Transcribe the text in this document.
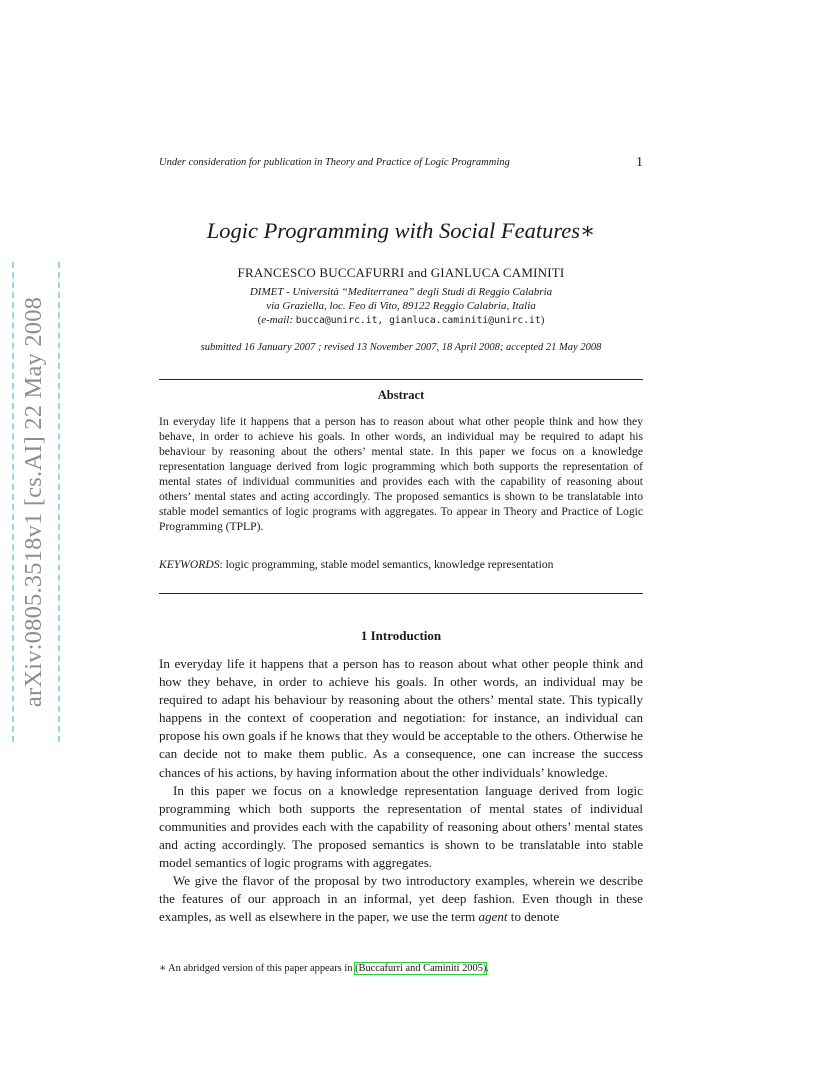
arXiv:0805.3518v1 [cs.AI] 22 May 2008
Under consideration for publication in Theory and Practice of Logic Programming	1
Logic Programming with Social Features∗
FRANCESCO BUCCAFURRI and GIANLUCA CAMINITI
DIMET - Università “Mediterranea” degli Studi di Reggio Calabria
via Graziella, loc. Feo di Vito, 89122 Reggio Calabria, Italia
(e-mail: bucca@unirc.it, gianluca.caminiti@unirc.it)
submitted 16 January 2007 ; revised 13 November 2007, 18 April 2008; accepted 21 May 2008
Abstract
In everyday life it happens that a person has to reason about what other people think and how they behave, in order to achieve his goals. In other words, an individual may be required to adapt his behaviour by reasoning about the others’ mental state. In this paper we focus on a knowledge representation language derived from logic programming which both supports the representation of mental states of individual communities and provides each with the capability of reasoning about others’ mental states and acting accordingly. The proposed semantics is shown to be translatable into stable model semantics of logic programs with aggregates. To appear in Theory and Practice of Logic Programming (TPLP).
KEYWORDS: logic programming, stable model semantics, knowledge representation
1 Introduction

In everyday life it happens that a person has to reason about what other people think and how they behave, in order to achieve his goals. In other words, an individual may be required to adapt his behaviour by reasoning about the others’ mental state. This typically happens in the context of cooperation and negotiation: for instance, an individual can propose his own goals if he knows that they would be acceptable to the others. Otherwise he can decide not to make them public. As a consequence, one can increase the success chances of his actions, by having information about the other individuals’ knowledge.

In this paper we focus on a knowledge representation language derived from logic programming which both supports the representation of mental states of individual communities and provides each with the capability of reasoning about others’ mental states and acting accordingly. The proposed semantics is shown to be translatable into stable model semantics of logic programs with aggregates.

We give the flavor of the proposal by two introductory examples, wherein we describe the features of our approach in an informal, yet deep fashion. Even though in these examples, as well as elsewhere in the paper, we use the term agent to denote

∗ An abridged version of this paper appears in (Buccafurri and Caminiti 2005).
